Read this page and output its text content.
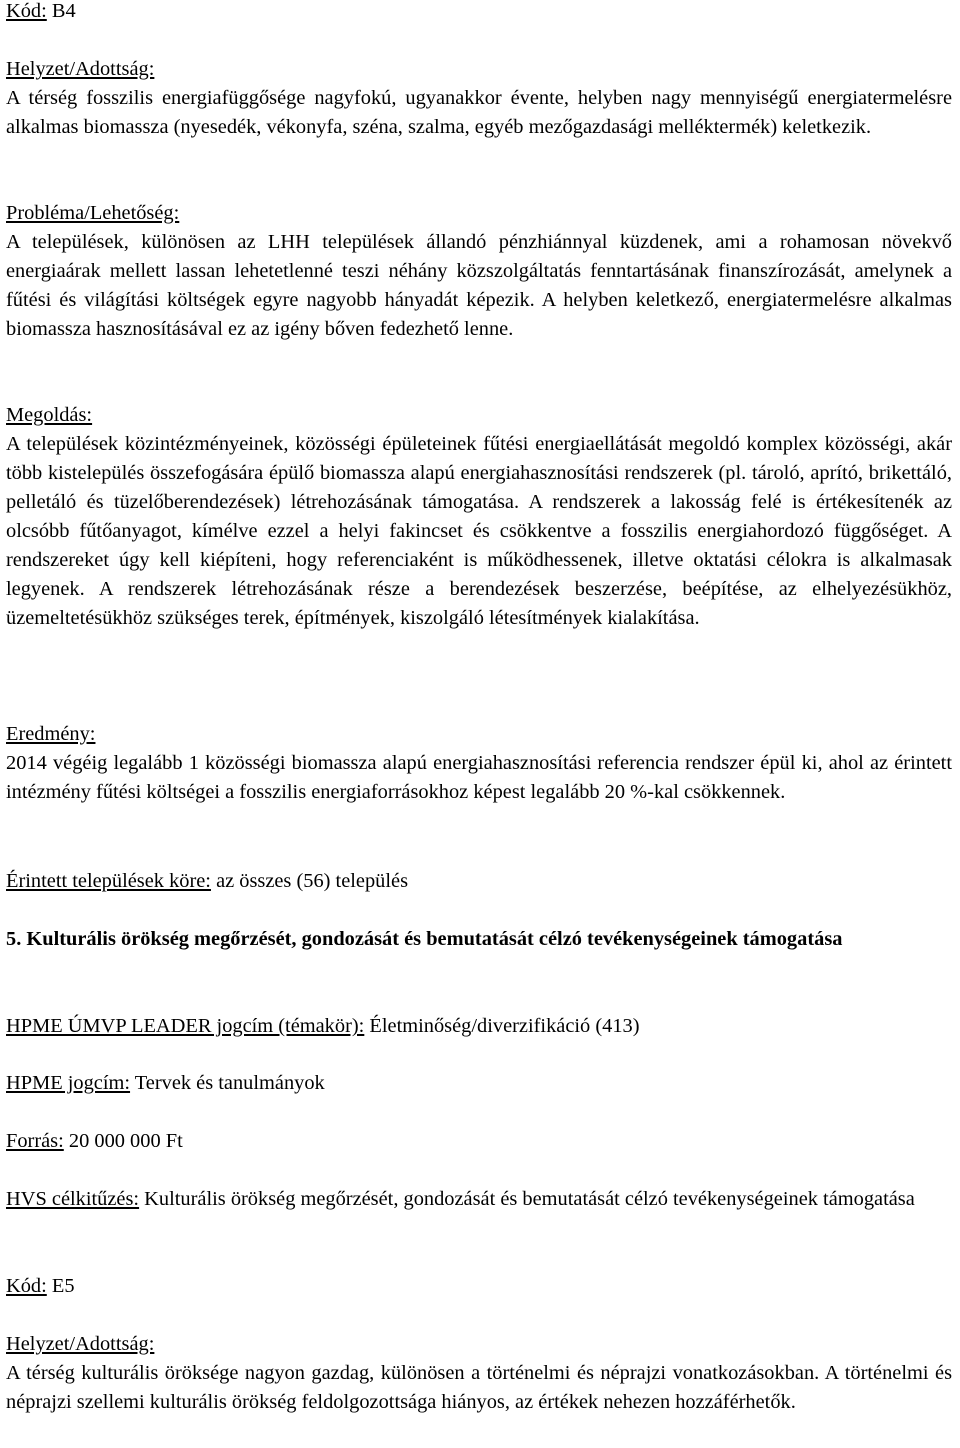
Kód: B4
Helyzet/Adottság:

A térség fosszilis energiafüggősége nagyfokú, ugyanakkor évente, helyben nagy mennyiségű energiatermelésre alkalmas biomassza (nyesedék, vékonyfa, széna, szalma, egyéb mezőgazdasági melléktermék) keletkezik.

Probléma/Lehetőség:

A települések, különösen az LHH települések állandó pénzhiánnyal küzdenek, ami a rohamosan növekvő energiaárak mellett lassan lehetetlenné teszi néhány közszolgáltatás fenntartásának finanszírozását, amelynek a fűtési és világítási költségek egyre nagyobb hányadát képezik. A helyben keletkező, energiatermelésre alkalmas biomassza hasznosításával ez az igény bőven fedezhető lenne.

Megoldás:

A települések közintézményeinek, közösségi épületeinek fűtési energiaellátását megoldó komplex közösségi, akár több kistelepülés összefogására épülő biomassza alapú energiahasznosítási rendszerek (pl. tároló, aprító, brikettáló, pelletáló és tüzelőberendezések) létrehozásának támogatása. A rendszerek a lakosság felé is értékesítenék az olcsóbb fűtőanyagot, kímélve ezzel a helyi fakincset és csökkentve a fosszilis energiahordozó függőséget. A rendszereket úgy kell kiépíteni, hogy referenciaként is működhessenek, illetve oktatási célokra is alkalmasak legyenek. A rendszerek létrehozásának része a berendezések beszerzése, beépítése, az elhelyezésükhöz, üzemeltetésükhöz szükséges terek, építmények, kiszolgáló létesítmények kialakítása.

Eredmény:

2014 végéig legalább 1 közösségi biomassza alapú energiahasznosítási referencia rendszer épül ki, ahol az érintett intézmény fűtési költségei a fosszilis energiaforrásokhoz képest legalább 20 %-kal csökkennek.

Érintett települések köre: az összes (56) település

5. Kulturális örökség megőrzését, gondozását és bemutatását célzó tevékenységeinek támogatása

HPME ÚMVP LEADER jogcím (témakör): Életminőség/diverzifikáció (413)
HPME jogcím: Tervek és tanulmányok
Forrás: 20 000 000 Ft

HVS célkitűzés: Kulturális örökség megőrzését, gondozását és bemutatását célzó tevékenységeinek támogatása

Kód: E5
Helyzet/Adottság:

A térség kulturális öröksége nagyon gazdag, különösen a történelmi és néprajzi vonatkozásokban. A történelmi és néprajzi szellemi kulturális örökség feldolgozottsága hiányos, az értékek nehezen hozzáférhetők.
